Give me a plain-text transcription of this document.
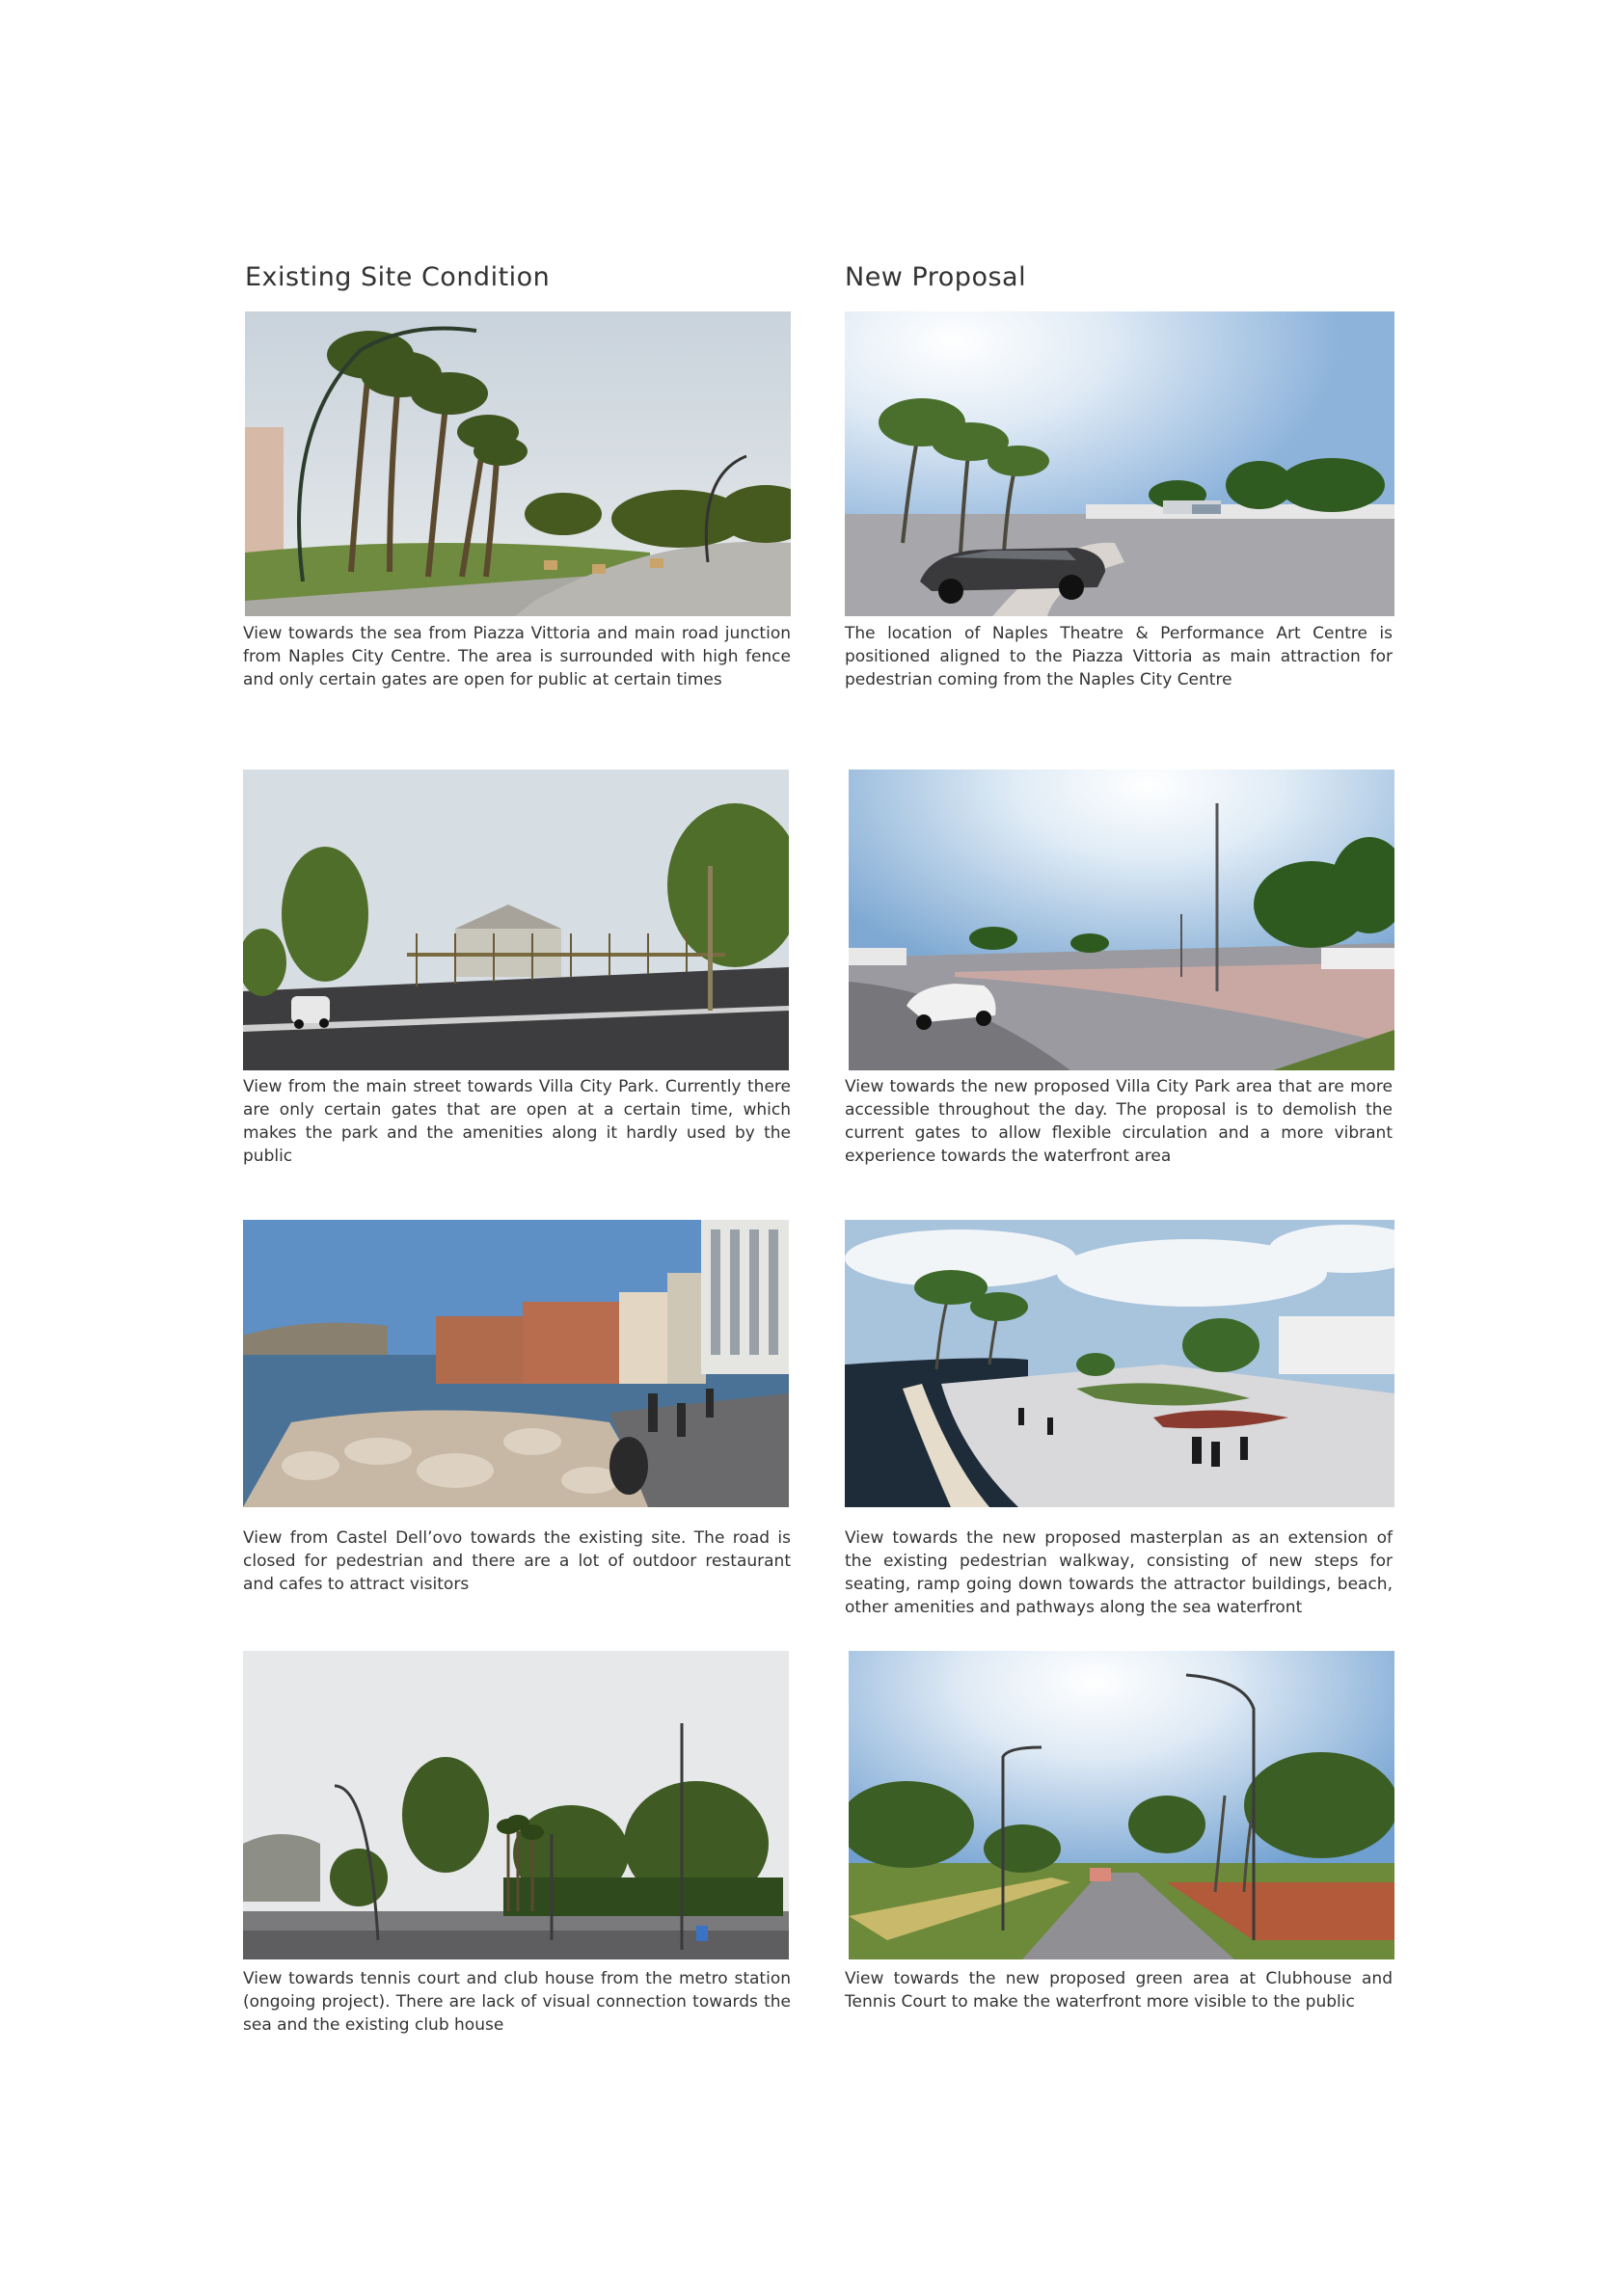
Existing Site Condition	New Proposal

View towards the sea from Piazza Vittoria and main road junction from Naples City Centre. The area is surrounded with high fence and only certain gates are open for public at certain times

The location of Naples Theatre & Performance Art Centre is positioned aligned to the Piazza Vittoria as main attraction for pedestrian coming from the Naples City Centre

View from the main street towards Villa City Park. Currently there are only certain gates that are open at a certain time, which makes the park and the amenities along it hardly used by the public

View towards the new proposed Villa City Park area that are more accessible throughout the day. The proposal is to demolish the current gates to allow flexible circulation and a more vibrant experience towards the waterfront area

View from Castel Dell’ovo towards the existing site. The road is closed for pedestrian and there are a lot of outdoor restaurant and cafes to attract visitors

View towards the new proposed masterplan as an extension of the existing pedestrian walkway, consisting of new steps for seating, ramp going down towards the attractor buildings, beach, other amenities and pathways along the sea waterfront

View towards tennis court and club house from the metro station (ongoing project). There are lack of visual connection towards the sea and the existing club house

View towards the new proposed green area at Clubhouse and Tennis Court to make the waterfront more visible to the public
